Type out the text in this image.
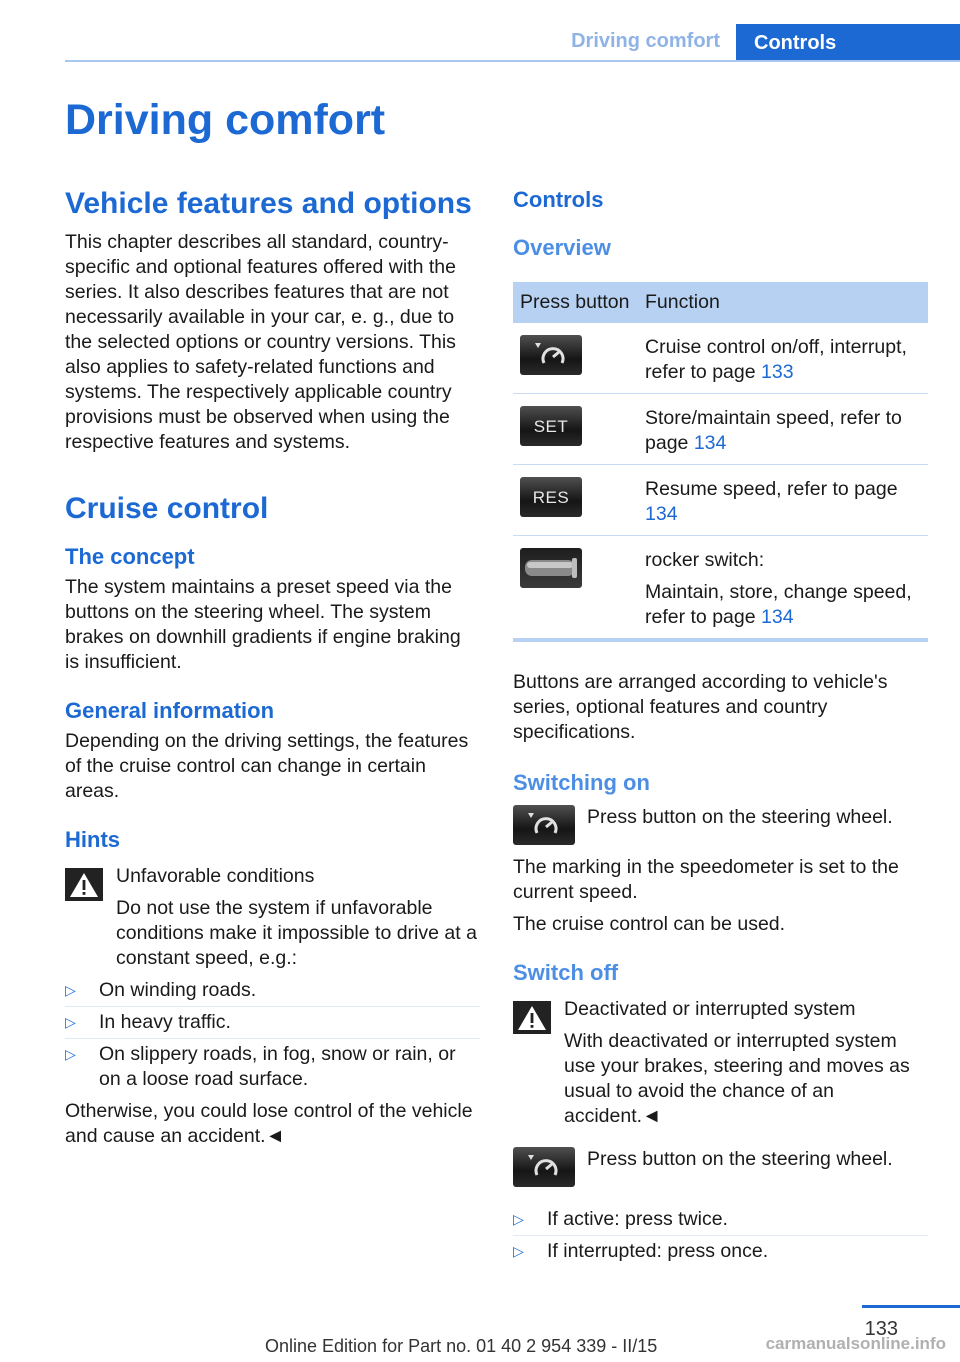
Driving comfort	Controls
Driving comfort
Vehicle features and options

This chapter describes all standard, country-specific and optional features offered with the series. It also describes features that are not necessarily available in your car, e. g., due to the selected options or country versions. This also applies to safety-related functions and systems. The respectively applicable country provisions must be observed when using the respective features and systems.

Cruise control
The concept

The system maintains a preset speed via the buttons on the steering wheel. The system brakes on downhill gradients if engine braking is insufficient.

General information

Depending on the driving settings, the features of the cruise control can change in certain areas.

Hints

Unfavorable conditions

Do not use the system if unfavorable conditions make it impossible to drive at a constant speed, e.g.:

▷ On winding roads.
▷ In heavy traffic.
▷ On slippery roads, in fog, snow or rain, or on a loose road surface.

Otherwise, you could lose control of the vehicle and cause an accident.◄

Controls
Overview
Press button	Function

	Cruise control on/off, interrupt, refer to page 133

SET	Store/maintain speed, refer to page 134

RES	Resume speed, refer to page 134

rocker switch:

Maintain, store, change speed, refer to page 134

Buttons are arranged according to vehicle's series, optional features and country specifications.

Switching on

Press button on the steering wheel.

The marking in the speedometer is set to the current speed.

The cruise control can be used.

Switch off

Deactivated or interrupted system

With deactivated or interrupted system use your brakes, steering and moves as usual to avoid the chance of an accident.◄

Press button on the steering wheel.

▷ If active: press twice.
▷ If interrupted: press once.
133
Online Edition for Part no. 01 40 2 954 339 - II/15	carmanualsonline.info
